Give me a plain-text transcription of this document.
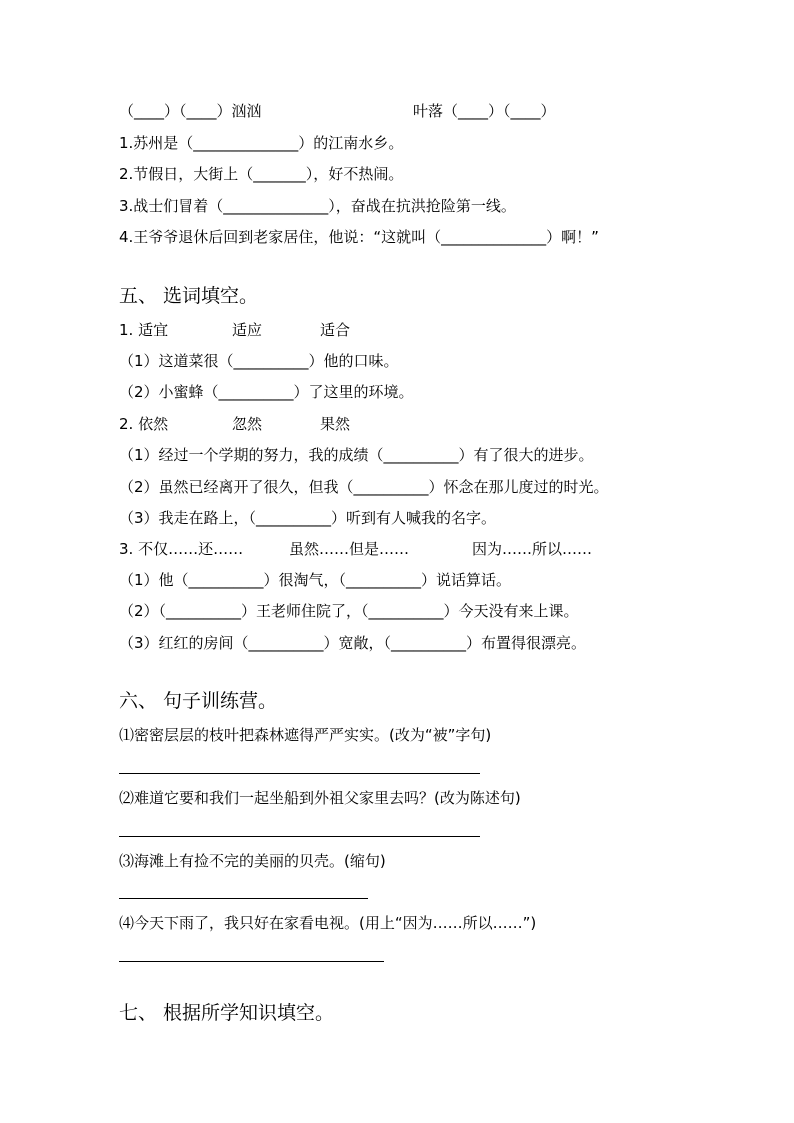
（____）（____）汹汹	叶落（____）（____）
1.苏州是（______________）的江南水乡。
2.节假日，大街上（_______），好不热闹。
3.战士们冒着（______________），奋战在抗洪抢险第一线。
4.王爷爷退休后回到老家居住，他说：“这就叫（______________）啊！”
五、 选词填空。
1. 适宜	适应	适合
（1）这道菜很（__________）他的口味。
（2）小蜜蜂（__________）了这里的环境。
2. 依然	忽然	果然
（1）经过一个学期的努力，我的成绩（__________）有了很大的进步。
（2）虽然已经离开了很久，但我（__________）怀念在那儿度过的时光。
（3）我走在路上，（__________）听到有人喊我的名字。
3. 不仅……还……	虽然……但是……	因为……所以……
（1）他（__________）很淘气，（__________）说话算话。
（2）（__________）王老师住院了，（__________）今天没有来上课。
（3）红红的房间（__________）宽敞，（__________）布置得很漂亮。
六、 句子训练营。
⑴密密层层的枝叶把森林遮得严严实实。(改为“被”字句)
⑵难道它要和我们一起坐船到外祖父家里去吗？(改为陈述句)
⑶海滩上有捡不完的美丽的贝壳。(缩句)
⑷今天下雨了，我只好在家看电视。(用上“因为……所以……”)
七、 根据所学知识填空。
